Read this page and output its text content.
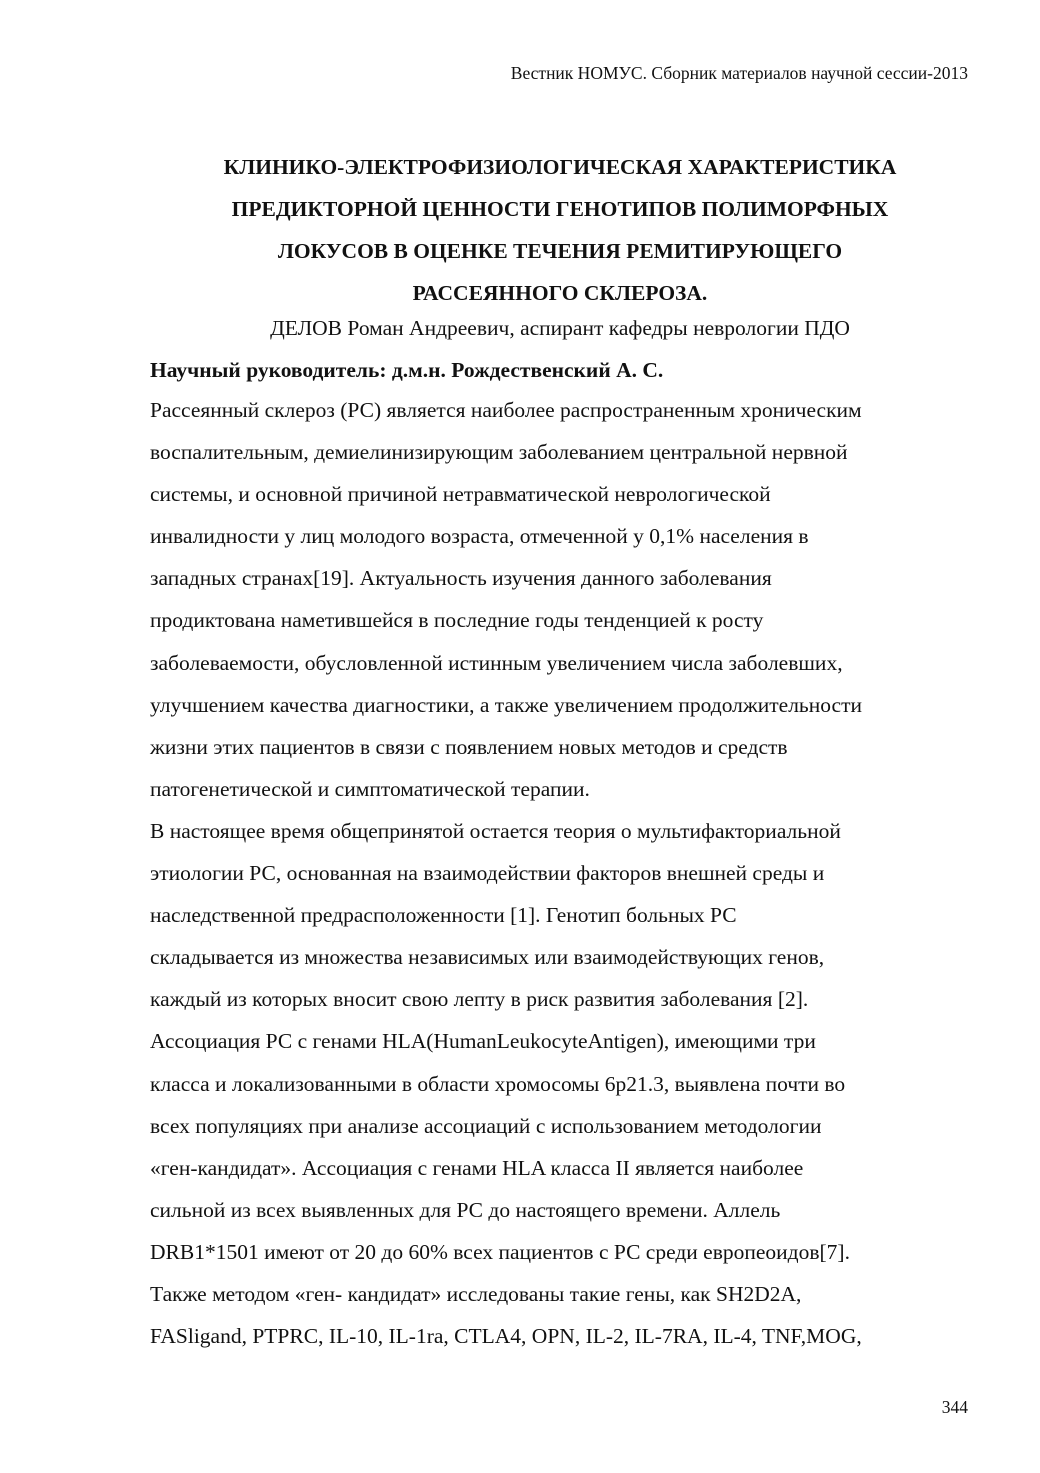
Вестник НОМУС. Сборник материалов научной сессии-2013
КЛИНИКО-ЭЛЕКТРОФИЗИОЛОГИЧЕСКАЯ ХАРАКТЕРИСТИКА
ПРЕДИКТОРНОЙ ЦЕННОСТИ ГЕНОТИПОВ ПОЛИМОРФНЫХ
ЛОКУСОВ В ОЦЕНКЕ ТЕЧЕНИЯ РЕМИТИРУЮЩЕГО
РАССЕЯННОГО СКЛЕРОЗА.
ДЕЛОВ Роман Андреевич, аспирант кафедры неврологии ПДО
Научный руководитель: д.м.н. Рождественский А. С.
Рассеянный склероз (РС) является наиболее распространенным хроническим
воспалительным, демиелинизирующим заболеванием центральной нервной
системы, и основной причиной нетравматической неврологической
инвалидности у лиц молодого возраста, отмеченной у 0,1% населения в
западных странах[19]. Актуальность изучения данного заболевания
продиктована наметившейся в последние годы тенденцией к росту
заболеваемости, обусловленной истинным увеличением числа заболевших,
улучшением качества диагностики, а также увеличением продолжительности
жизни этих пациентов в связи с появлением новых методов и средств
патогенетической и симптоматической терапии.
В настоящее время общепринятой остается теория о мультифакториальной
этиологии РС, основанная на взаимодействии факторов внешней среды и
наследственной предрасположенности [1]. Генотип больных РС
складывается из множества независимых или взаимодействующих генов,
каждый из которых вносит свою лепту в риск развития заболевания [2].
Ассоциация РС с генами HLA(HumanLeukocyteAntigen), имеющими три
класса и локализованными в области хромосомы 6p21.3, выявлена почти во
всех популяциях при анализе ассоциаций с использованием методологии
«ген-кандидат». Ассоциация с генами HLA класса II является наиболее
сильной из всех выявленных для РС до настоящего времени. Аллель
DRB1*1501 имеют от 20 до 60% всех пациентов с РС среди европеоидов[7].
Также методом «ген- кандидат» исследованы такие гены, как SH2D2A,
FASligand, PTPRC, IL-10, IL-1ra, CTLA4, OPN, IL-2, IL-7RA, IL-4, TNF,MOG,
344
